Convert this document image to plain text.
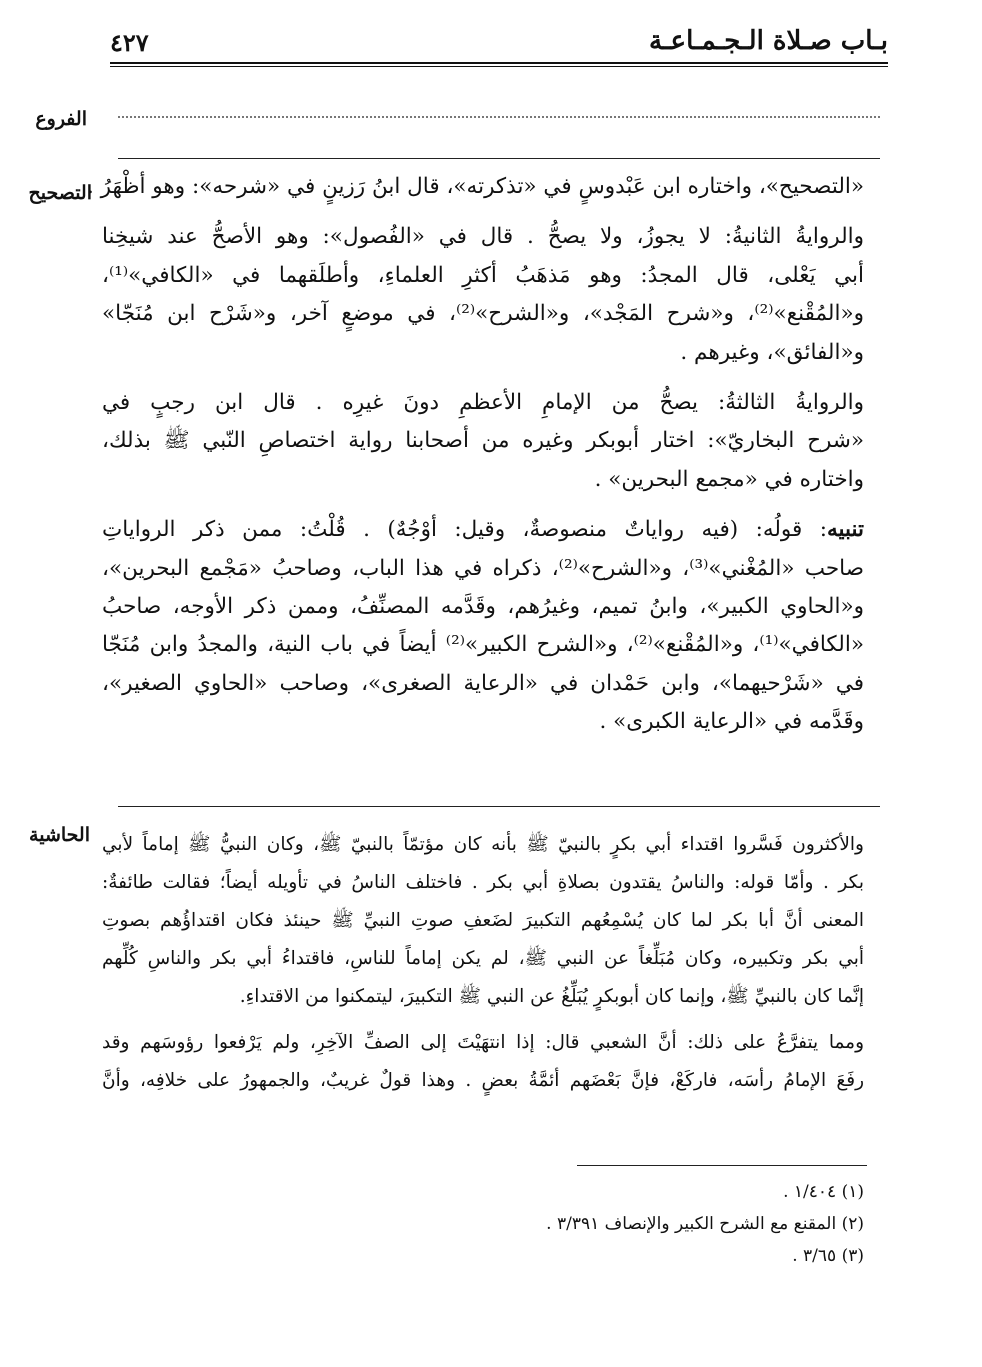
بـاب صـلاة الـجـمـاعـة
٤٢٧
الفروع
التصحيح

«التصحيح»، واختاره ابن عَبْدوسٍ في «تذكرته»، قال ابنُ رَزينٍ في «شرحه»: وهو أظْهَرُ .

والروايةُ الثانيةُ: لا يجوزُ، ولا يصحُّ . قال في «الفُصول»: وهو الأصحُّ عند شيخِنا
أبي يَعْلى، قال المجدُ: وهو مَذهَبُ أكثرِ العلماءِ، وأطلَقهما في «الكافي»⁽¹⁾،
و«المُقْنع»⁽²⁾، و«شرح المَجْد»، و«الشرح»⁽²⁾، في موضعٍ آخر، و«شَرْح ابن مُنَجّا»
و«الفائق»، وغيرهم .

والروايةُ الثالثةُ: يصحُّ من الإمامِ الأعظمِ دونَ غيرِه . قال ابن رجبٍ في
«شرح البخاريّ»: اختار أبوبكر وغيره من أصحابنا رواية اختصاصِ النّبي ﷺ بذلك،
واختاره في «مجمع البحرين» .

تنبيه: قولُه: (فيه رواياتٌ منصوصةٌ، وقيل: أوْجُهٌ) . قُلْتُ: ممن ذكر الرواياتِ
صاحب «المُغْني»⁽³⁾، و«الشرح»⁽²⁾، ذكراه في هذا الباب، وصاحبُ «مَجْمع البحرين»،
و«الحاوي الكبير»، وابنُ تميم، وغيرُهم، وقَدَّمه المصنِّفُ، وممن ذكر الأوجه، صاحبُ
«الكافي»⁽¹⁾، و«المُقْنع»⁽²⁾، و«الشرح الكبير»⁽²⁾ أيضاً في باب النية، والمجدُ وابن مُنَجّا
في «شَرْحيهما»، وابن حَمْدان في «الرعاية الصغرى»، وصاحب «الحاوي الصغير»،
وقَدَّمه في «الرعاية الكبرى» .

الحاشية والأكثرون فَسَّروا اقتداء أبي بكرٍ بالنبيّ ﷺ بأنه كان مؤتمّاً بالنبيّ ﷺ، وكان النبيُّ ﷺ إماماً لأبي
بكر . وأمّا قوله: والناسُ يقتدون بصلاةِ أبي بكر . فاختلف الناسُ في تأويله أيضاً؛ فقالت طائفةٌ:
المعنى أنَّ أبا بكر لما كان يُسْمِعُهم التكبيرَ لضَعفِ صوتِ النبيِّ ﷺ حينئذ فكان اقتداؤُهم بصوتِ
أبي بكر وتكبيره، وكان مُبَلِّغاً عن النبي ﷺ، لم يكن إماماً للناسِ، فاقتداءُ أبي بكر والناسِ كُلِّهم
إنَّما كان بالنبيِّ ﷺ، وإنما كان أبوبكرٍ يُبَلِّغُ عن النبي ﷺ التكبيرَ، ليتمكنوا من الاقتداءِ.

ومما يتفرَّعُ على ذلك: أنَّ الشعبي قال: إذا انتهَيْتَ إلى الصفِّ الآخِرِ، ولم يَرْفعوا رؤوسَهم وقد
رفَعَ الإمامُ رأسَه، فاركَعْ، فإنَّ بَعْضَهم أئمَّةُ بعضٍ . وهذا قولٌ غريبٌ، والجمهورُ على خلافِه، وأنَّ

(١) ١/٤٠٤ .
(٢) المقنع مع الشرح الكبير والإنصاف ٣/٣٩١ .
(٣) ٣/٦٥ .
